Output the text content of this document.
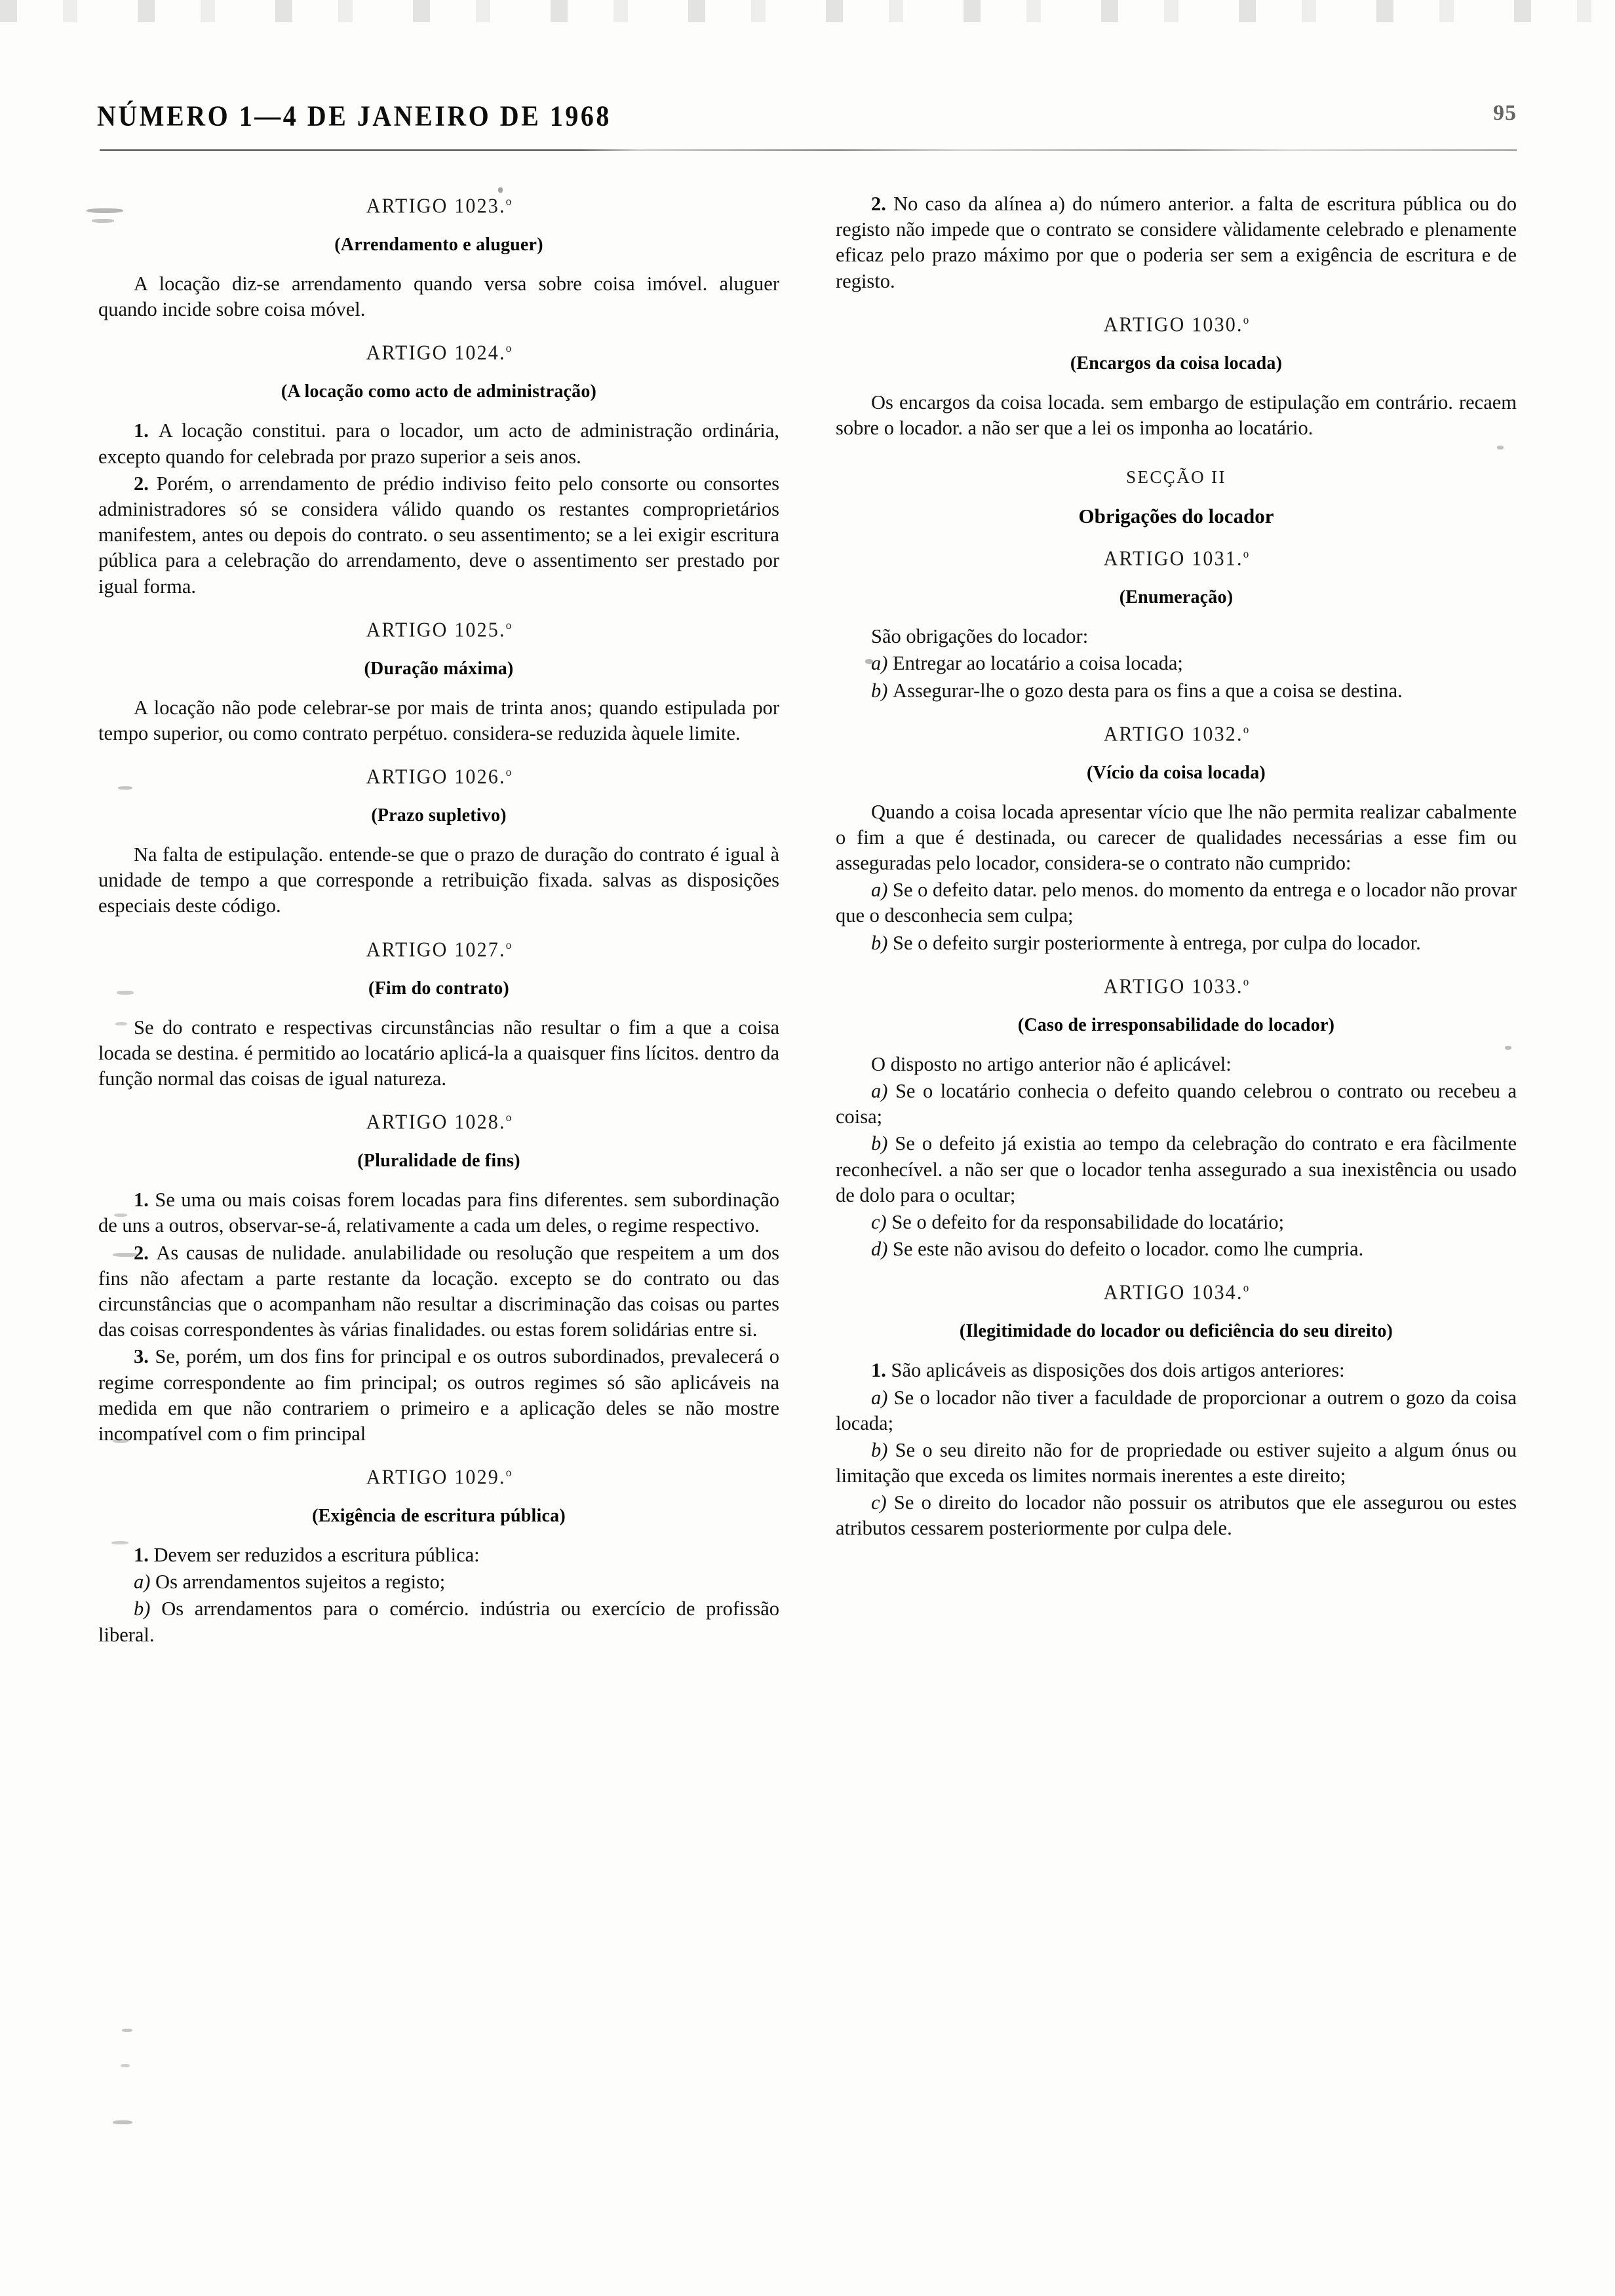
NÚMERO 1—4 DE JANEIRO DE 1968	95
ARTIGO 1023.$^o$
(Arrendamento e aluguer)

A locação diz-se arrendamento quando versa sobre coisa imóvel. aluguer quando incide sobre coisa móvel.

ARTIGO 1024.$^o$
(A locação como acto de administração)

1. A locação constitui. para o locador, um acto de administração ordinária, excepto quando for celebrada por prazo superior a seis anos.

2. Porém, o arrendamento de prédio indiviso feito pelo consorte ou consortes administradores só se considera válido quando os restantes comproprietários manifestem, antes ou depois do contrato. o seu assentimento; se a lei exigir escritura pública para a celebração do arrendamento, deve o assentimento ser prestado por igual forma.

ARTIGO 1025.$^o$
(Duração máxima)

A locação não pode celebrar-se por mais de trinta anos; quando estipulada por tempo superior, ou como contrato perpétuo. considera-se reduzida àquele limite.

ARTIGO 1026.$^o$
(Prazo supletivo)

Na falta de estipulação. entende-se que o prazo de duração do contrato é igual à unidade de tempo a que corresponde a retribuição fixada. salvas as disposições especiais deste código.

ARTIGO 1027.$^o$
(Fim do contrato)

Se do contrato e respectivas circunstâncias não resultar o fim a que a coisa locada se destina. é permitido ao locatário aplicá-la a quaisquer fins lícitos. dentro da função normal das coisas de igual natureza.

ARTIGO 1028.$^o$
(Pluralidade de fins)

1. Se uma ou mais coisas forem locadas para fins diferentes. sem subordinação de uns a outros, observar-se-á, relativamente a cada um deles, o regime respectivo.

2. As causas de nulidade. anulabilidade ou resolução que respeitem a um dos fins não afectam a parte restante da locação. excepto se do contrato ou das circunstâncias que o acompanham não resultar a discriminação das coisas ou partes das coisas correspondentes às várias finalidades. ou estas forem solidárias entre si.

3. Se, porém, um dos fins for principal e os outros subordinados, prevalecerá o regime correspondente ao fim principal; os outros regimes só são aplicáveis na medida em que não contrariem o primeiro e a aplicação deles se não mostre incompatível com o fim principal

ARTIGO 1029.$^o$
(Exigência de escritura pública)

1. Devem ser reduzidos a escritura pública:

a) Os arrendamentos sujeitos a registo;

b) Os arrendamentos para o comércio. indústria ou exercício de profissão liberal.

2. No caso da alínea a) do número anterior. a falta de escritura pública ou do registo não impede que o contrato se considere vàlidamente celebrado e plenamente eficaz pelo prazo máximo por que o poderia ser sem a exigência de escritura e de registo.

ARTIGO 1030.$^o$
(Encargos da coisa locada)

Os encargos da coisa locada. sem embargo de estipulação em contrário. recaem sobre o locador. a não ser que a lei os imponha ao locatário.

SECÇÃO II
Obrigações do locador
ARTIGO 1031.$^o$
(Enumeração)

São obrigações do locador:

a) Entregar ao locatário a coisa locada;

b) Assegurar-lhe o gozo desta para os fins a que a coisa se destina.

ARTIGO 1032.$^o$
(Vício da coisa locada)

Quando a coisa locada apresentar vício que lhe não permita realizar cabalmente o fim a que é destinada, ou carecer de qualidades necessárias a esse fim ou asseguradas pelo locador, considera-se o contrato não cumprido:

a) Se o defeito datar. pelo menos. do momento da entrega e o locador não provar que o desconhecia sem culpa;

b) Se o defeito surgir posteriormente à entrega, por culpa do locador.

ARTIGO 1033.$^o$
(Caso de irresponsabilidade do locador)

O disposto no artigo anterior não é aplicável:

a) Se o locatário conhecia o defeito quando celebrou o contrato ou recebeu a coisa;

b) Se o defeito já existia ao tempo da celebração do contrato e era fàcilmente reconhecível. a não ser que o locador tenha assegurado a sua inexistência ou usado de dolo para o ocultar;

c) Se o defeito for da responsabilidade do locatário;

d) Se este não avisou do defeito o locador. como lhe cumpria.

ARTIGO 1034.$^o$
(Ilegitimidade do locador ou deficiência do seu direito)

1. São aplicáveis as disposições dos dois artigos anteriores:

a) Se o locador não tiver a faculdade de proporcionar a outrem o gozo da coisa locada;

b) Se o seu direito não for de propriedade ou estiver sujeito a algum ónus ou limitação que exceda os limites normais inerentes a este direito;

c) Se o direito do locador não possuir os atributos que ele assegurou ou estes atributos cessarem posteriormente por culpa dele.
